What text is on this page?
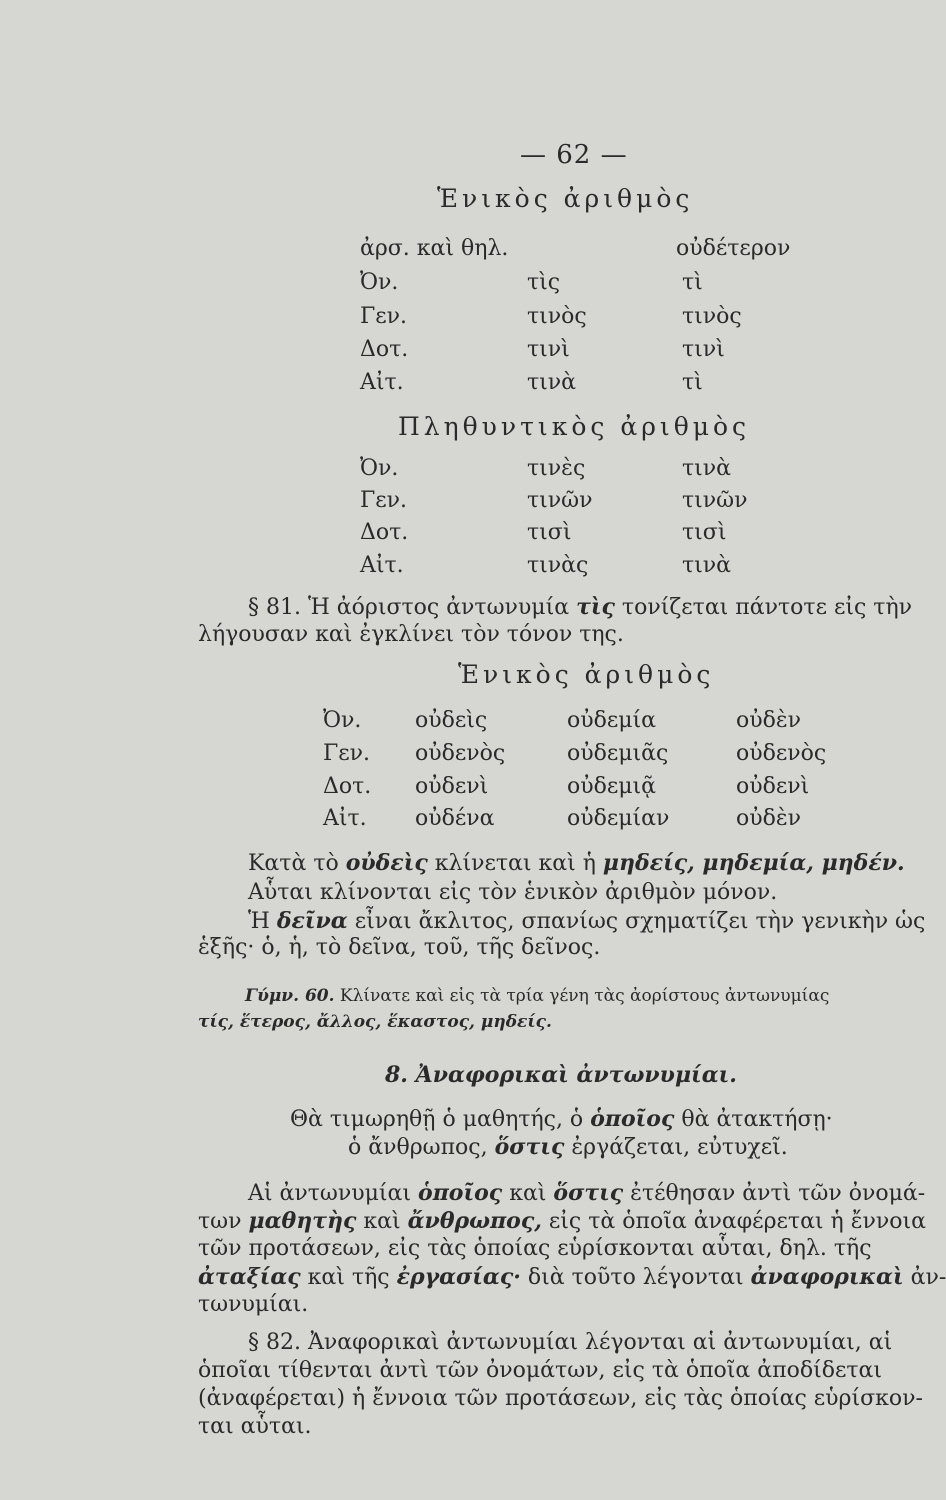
— 62 —
Ἑνικὸς ἀριθμὸς
ἀρσ. καὶ θηλ.	οὐδέτερον
Ὀν.	τὶς	τὶ
Γεν.	τινὸς	τινὸς
Δοτ.	τινὶ	τινὶ
Αἰτ.	τινὰ	τὶ
Πληθυντικὸς ἀριθμὸς
Ὀν.	τινὲς	τινὰ
Γεν.	τινῶν	τινῶν
Δοτ.	τισὶ	τισὶ
Αἰτ.	τινὰς	τινὰ
§ 81. Ἡ ἀόριστος ἀντωνυμία τὶς τονίζεται πάντοτε εἰς τὴν
λήγουσαν καὶ ἐγκλίνει τὸν τόνον της.
Ἑνικὸς ἀριθμὸς
Ὀν. οὐδεὶς	οὐδεμία	οὐδὲν
Γεν. οὐδενὸς	οὐδεμιᾶς	οὐδενὸς
Δοτ. οὐδενὶ	οὐδεμιᾷ	οὐδενὶ
Αἰτ. οὐδένα	οὐδεμίαν	οὐδὲν
Κατὰ τὸ οὐδεὶς κλίνεται καὶ ἡ μηδείς, μηδεμία, μηδέν.
Αὗται κλίνονται εἰς τὸν ἑνικὸν ἀριθμὸν μόνον.
Ἡ δεῖνα εἶναι ἄκλιτος, σπανίως σχηματίζει τὴν γενικὴν ὡς
ἑξῆς· ὁ, ἡ, τὸ δεῖνα, τοῦ, τῆς δεῖνος.
Γύμν. 60. Κλίνατε καὶ εἰς τὰ τρία γένη τὰς ἀορίστους ἀντωνυμίας
τίς, ἕτερος, ἄλλος, ἕκαστος, μηδείς.
8. Ἀναφορικαὶ ἀντωνυμίαι.
Θὰ τιμωρηθῇ ὁ μαθητής, ὁ ὁποῖος θὰ ἀτακτήσῃ·
ὁ ἄνθρωπος, ὅστις ἐργάζεται, εὐτυχεῖ.
Αἱ ἀντωνυμίαι ὁποῖος καὶ ὅστις ἐτέθησαν ἀντὶ τῶν ὀνομά-
των μαθητὴς καὶ ἄνθρωπος, εἰς τὰ ὁποῖα ἀναφέρεται ἡ ἔννοια
τῶν προτάσεων, εἰς τὰς ὁποίας εὑρίσκονται αὗται, δηλ. τῆς
ἀταξίας καὶ τῆς ἐργασίας· διὰ τοῦτο λέγονται ἀναφορικαὶ ἀν-
τωνυμίαι.
§ 82. Ἀναφορικαὶ ἀντωνυμίαι λέγονται αἱ ἀντωνυμίαι, αἱ
ὁποῖαι τίθενται ἀντὶ τῶν ὀνομάτων, εἰς τὰ ὁποῖα ἀποδίδεται
(ἀναφέρεται) ἡ ἔννοια τῶν προτάσεων, εἰς τὰς ὁποίας εὑρίσκον-
ται αὗται.
